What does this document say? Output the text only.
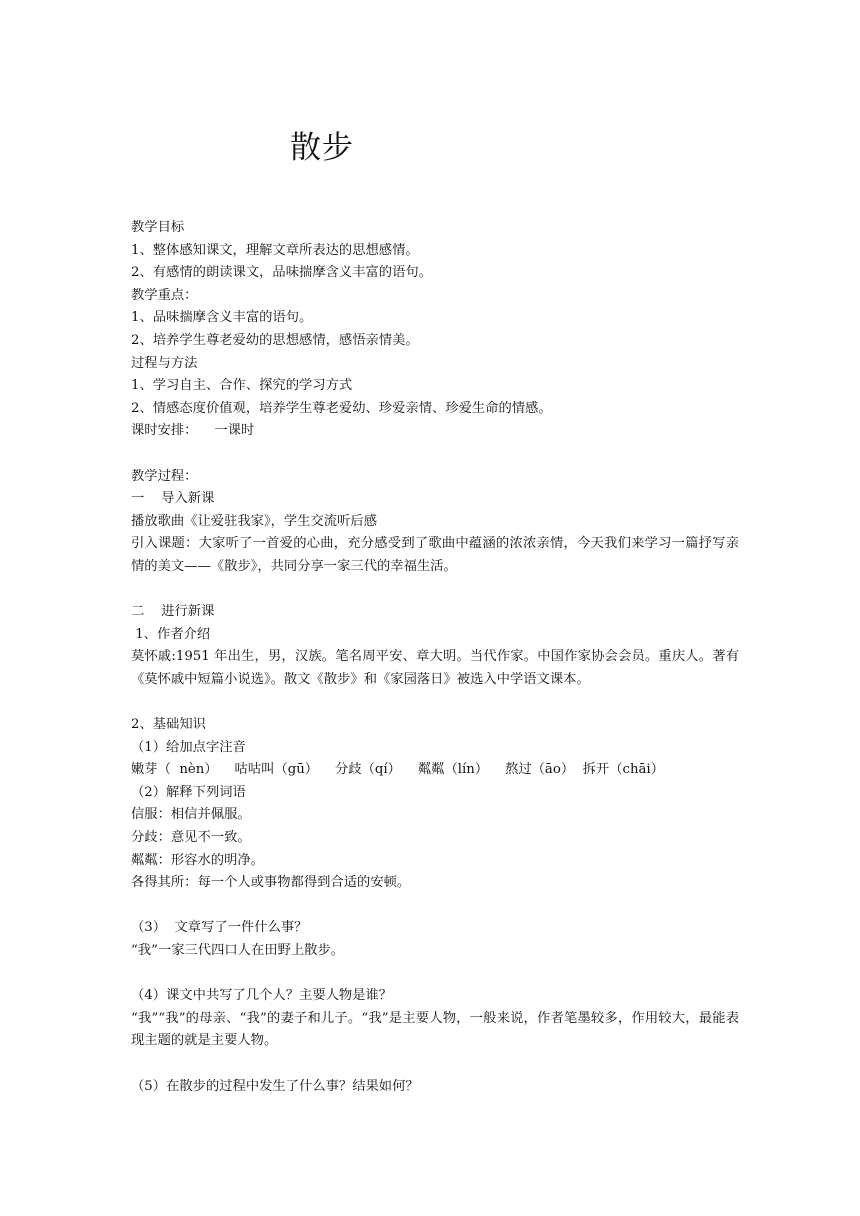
散步
教学目标
1、整体感知课文，理解文章所表达的思想感情。
2、有感情的朗读课文，品味揣摩含义丰富的语句。
教学重点：
1、品味揣摩含义丰富的语句。
2、培养学生尊老爱幼的思想感情，感悟亲情美。
过程与方法
1、学习自主、合作、探究的学习方式
2、情感态度价值观，培养学生尊老爱幼、珍爱亲情、珍爱生命的情感。
课时安排：    一课时
教学过程：
一    导入新课
播放歌曲《让爱驻我家》，学生交流听后感
引入课题：大家听了一首爱的心曲，充分感受到了歌曲中蕴涵的浓浓亲情，今天我们来学习一篇抒写亲情的美文——《散步》，共同分享一家三代的幸福生活。
二    进行新课
1、作者介绍
莫怀戚:1951 年出生，男，汉族。笔名周平安、章大明。当代作家。中国作家协会会员。重庆人。著有《莫怀戚中短篇小说选》。散文《散步》和《家园落日》被选入中学语文课本。
2、基础知识
（1）给加点字注音
嫩芽（  nèn）    咕咕叫（gū）    分歧（qí）    粼粼（lín）    熬过（āo）  拆开（chāi）
（2）解释下列词语
信服：相信并佩服。
分歧：意见不一致。
粼粼：形容水的明净。
各得其所：每一个人或事物都得到合适的安顿。
（3）  文章写了一件什么事？
“我”一家三代四口人在田野上散步。
（4）课文中共写了几个人？主要人物是谁？
“我”“我”的母亲、“我”的妻子和儿子。“我”是主要人物，一般来说，作者笔墨较多，作用较大，最能表现主题的就是主要人物。
（5）在散步的过程中发生了什么事？结果如何？
